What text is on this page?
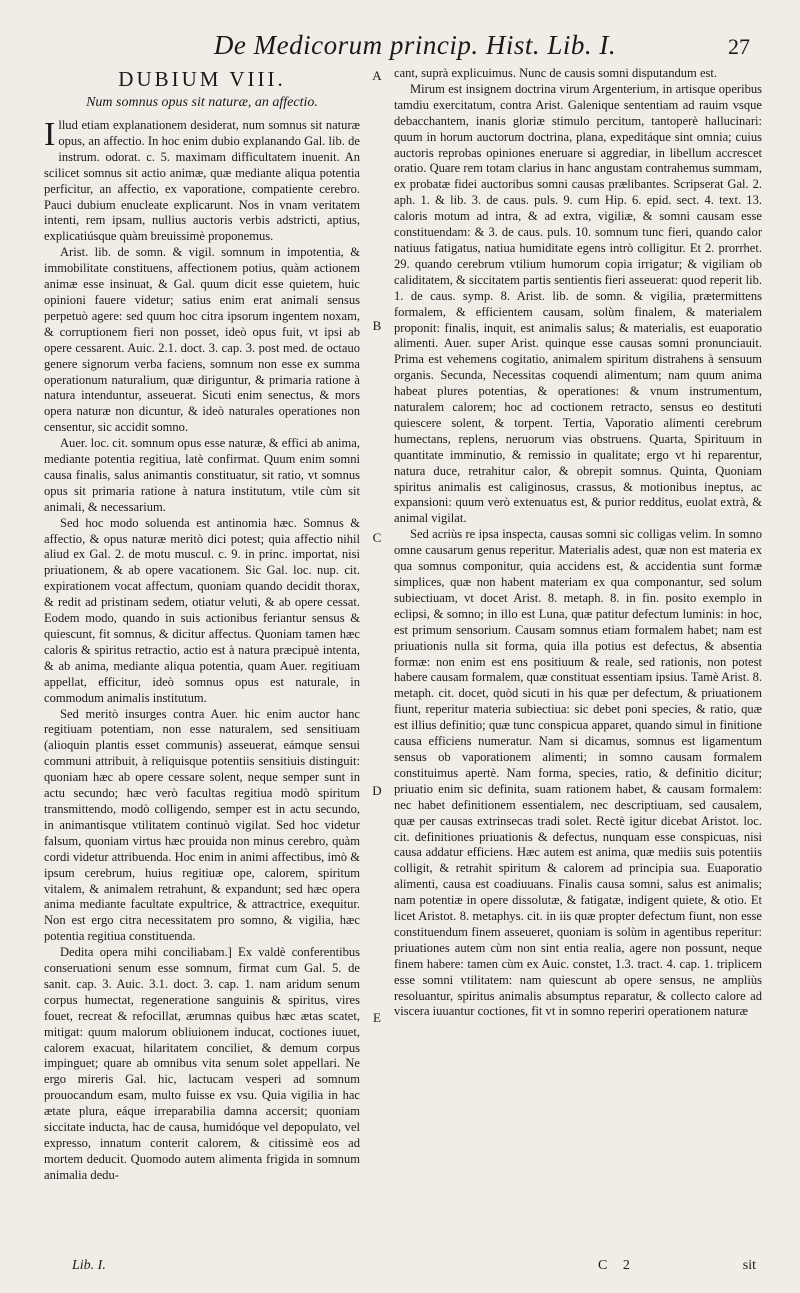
De Medicorum princip. Hist. Lib. I.	27
DUBIUM VIII.
Num somnus opus sit naturæ, an affectio.

Illud etiam explanationem desiderat, num somnus sit naturæ opus, an affectio. In hoc enim dubio explanando Gal. lib. de instrum. odorat. c. 5. maximam difficultatem inuenit. An scilicet somnus sit actio animæ, quæ mediante aliqua potentia perficitur, an affectio, ex vaporatione, compatiente cerebro. Pauci dubium enucleate explicarunt. Nos in vnam veritatem intenti, rem ipsam, nullius auctoris verbis adstricti, aptius, explicatiúsque quàm breuissimè proponemus.

Arist. lib. de somn. & vigil. somnum in impotentia, & immobilitate constituens, affectionem potius, quàm actionem animæ esse insinuat, & Gal. quum dicit esse quietem, huic opinioni fauere videtur; satius enim erat animali sensus perpetuò agere: sed quum hoc citra ipsorum ingentem noxam, & corruptionem fieri non posset, ideò opus fuit, vt ipsi ab opere cessarent. Auic. 2.1. doct. 3. cap. 3. post med. de octauo genere signorum verba faciens, somnum non esse ex summa operationum naturalium, quæ diriguntur, & primaria ratione à natura intenduntur, asseuerat. Sicuti enim senectus, & mors opera naturæ non dicuntur, & ideò naturales operationes non censentur, sic accidit somno.

Auer. loc. cit. somnum opus esse naturæ, & effici ab anima, mediante potentia regitiua, latè confirmat. Quum enim somni causa finalis, salus animantis constituatur, sit ratio, vt somnus opus sit primaria ratione à natura institutum, vtile cùm sit animali, & necessarium.

Sed hoc modo soluenda est antinomia hæc. Somnus & affectio, & opus naturæ meritò dici potest; quia affectio nihil aliud ex Gal. 2. de motu muscul. c. 9. in princ. importat, nisi priuationem, & ab opere vacationem. Sic Gal. loc. nup. cit. expirationem vocat affectum, quoniam quando decidit thorax, & redit ad pristinam sedem, otiatur veluti, & ab opere cessat. Eodem modo, quando in suis actionibus feriantur sensus & quiescunt, fit somnus, & dicitur affectus. Quoniam tamen hæc caloris & spiritus retractio, actio est à natura præcipuè intenta, & ab anima, mediante aliqua potentia, quam Auer. regitiuam appellat, efficitur, ideò somnus opus est naturale, in commodum animalis institutum.

Sed meritò insurges contra Auer. hic enim auctor hanc regitiuam potentiam, non esse naturalem, sed sensitiuam (alioquin plantis esset communis) asseuerat, eámque sensui communi attribuit, à reliquisque potentiis sensitiuis distinguit: quoniam hæc ab opere cessare solent, neque semper sunt in actu secundo; hæc verò facultas regitiua modò spiritum transmittendo, modò colligendo, semper est in actu secundo, in animantisque vtilitatem continuò vigilat. Sed hoc videtur falsum, quoniam virtus hæc prouida non minus cerebro, quàm cordi videtur attribuenda. Hoc enim in animi affectibus, imò & ipsum cerebrum, huius regitiuæ ope, calorem, spiritum vitalem, & animalem retrahunt, & expandunt; sed hæc opera anima mediante facultate expultrice, & attractrice, exequitur. Non est ergo citra necessitatem pro somno, & vigilia, hæc potentia regitiua constituenda.

Dedita opera mihi conciliabam.] Ex valdè conferentibus conseruationi senum esse somnum, firmat cum Gal. 5. de sanit. cap. 3. Auic. 3.1. doct. 3. cap. 1. nam aridum senum corpus humectat, regeneratione sanguinis & spiritus, vires fouet, recreat & refocillat, ærumnas quibus hæc ætas scatet, mitigat: quum malorum obliuionem inducat, coctiones iuuet, calorem exacuat, hilaritatem conciliet, & demum corpus impinguet; quare ab omnibus vita senum solet appellari. Ne ergo mireris Gal. hic, lactucam vesperi ad somnum prouocandum esam, multo fuisse ex vsu. Quia vigilia in hac ætate plura, eáque irreparabilia damna accersit; quoniam siccitate inducta, hac de causa, humidóque vel depopulato, vel expresso, innatum conterit calorem, & citissimè eos ad mortem deducit. Quomodo autem alimenta frigida in somnum animalia dedu-

A
B
C
D
E

cant, suprà explicuimus. Nunc de causis somni disputandum est.

Mirum est insignem doctrina virum Argenterium, in artisque operibus tamdiu exercitatum, contra Arist. Galenique sententiam ad rauim vsque debacchantem, inanis gloriæ stimulo percitum, tantoperè hallucinari: quum in horum auctorum doctrina, plana, expeditáque sint omnia; cuius auctoris reprobas opiniones eneruare si aggrediar, in libellum accrescet oratio. Quare rem totam clarius in hanc angustam contrahemus summam, ex probatæ fidei auctoribus somni causas prælibantes. Scripserat Gal. 2. aph. 1. & lib. 3. de caus. puls. 9. cum Hip. 6. epid. sect. 4. text. 13. caloris motum ad intra, & ad extra, vigiliæ, & somni causam esse constituendam: & 3. de caus. puls. 10. somnum tunc fieri, quando calor natiuus fatigatus, natiua humiditate egens intrò colligitur. Et 2. prorrhet. 29. quando cerebrum vtilium humorum copia irrigatur; & vigiliam ob caliditatem, & siccitatem partis sentientis fieri asseuerat: quod reperit lib. 1. de caus. symp. 8. Arist. lib. de somn. & vigilia, prætermittens formalem, & efficientem causam, solùm finalem, & materialem proponit: finalis, inquit, est animalis salus; & materialis, est euaporatio alimenti. Auer. super Arist. quinque esse causas somni pronunciauit. Prima est vehemens cogitatio, animalem spiritum distrahens à sensuum organis. Secunda, Necessitas coquendi alimentum; nam quum anima habeat plures potentias, & operationes: & vnum instrumentum, naturalem calorem; hoc ad coctionem retracto, sensus eo destituti quiescere solent, & torpent. Tertia, Vaporatio alimenti cerebrum humectans, replens, neruorum vias obstruens. Quarta, Spirituum in quantitate imminutio, & remissio in qualitate; ergo vt hi reparentur, natura duce, retrahitur calor, & obrepit somnus. Quinta, Quoniam spiritus animalis est caliginosus, crassus, & motionibus ineptus, ac expansioni: quum verò extenuatus est, & purior redditus, euolat extrà, & animal vigilat.

Sed acriùs re ipsa inspecta, causas somni sic colligas velim. In somno omne causarum genus reperitur. Materialis adest, quæ non est materia ex qua somnus componitur, quia accidens est, & accidentia sunt formæ simplices, quæ non habent materiam ex qua componantur, sed solum subiectiuam, vt docet Arist. 8. metaph. 8. in fin. posito exemplo in eclipsi, & somno; in illo est Luna, quæ patitur defectum luminis: in hoc, est primum sensorium. Causam somnus etiam formalem habet; nam est priuationis nulla sit forma, quia illa potius est defectus, & absentia formæ: non enim est ens positiuum & reale, sed rationis, non potest habere causam formalem, quæ constituat essentiam ipsius. Tamè Arist. 8. metaph. cit. docet, quòd sicuti in his quæ per defectum, & priuationem fiunt, reperitur materia subiectiua: sic debet poni species, & ratio, quæ est illius definitio; quæ tunc conspicua apparet, quando simul in finitione causa efficiens numeratur. Nam si dicamus, somnus est ligamentum sensus ob vaporationem alimenti; in somno causam formalem constituimus apertè. Nam forma, species, ratio, & definitio dicitur; priuatio enim sic definita, suam rationem habet, & causam formalem: nec habet definitionem essentialem, nec descriptiuam, sed causalem, quæ per causas extrinsecas tradi solet. Rectè igitur dicebat Aristot. loc. cit. definitiones priuationis & defectus, nunquam esse conspicuas, nisi causa addatur efficiens. Hæc autem est anima, quæ mediis suis potentiis colligit, & retrahit spiritum & calorem ad principia sua. Euaporatio alimenti, causa est coadiuuans. Finalis causa somni, salus est animalis; nam potentiæ in opere dissolutæ, & fatigatæ, indigent quiete, & otio. Et licet Aristot. 8. metaphys. cit. in iis quæ propter defectum fiunt, non esse constituendum finem asseueret, quoniam is solùm in agentibus reperitur: priuationes autem cùm non sint entia realia, agere non possunt, neque finem habere: tamen cùm ex Auic. constet, 1.3. tract. 4. cap. 1. triplicem esse somni vtilitatem: nam quiescunt ab opere sensus, ne ampliùs resoluantur, spiritus animalis absumptus reparatur, & collecto calore ad viscera iuuantur coctiones, fit vt in somno reperiri operationem naturæ

Lib. I.	C 2	sit
